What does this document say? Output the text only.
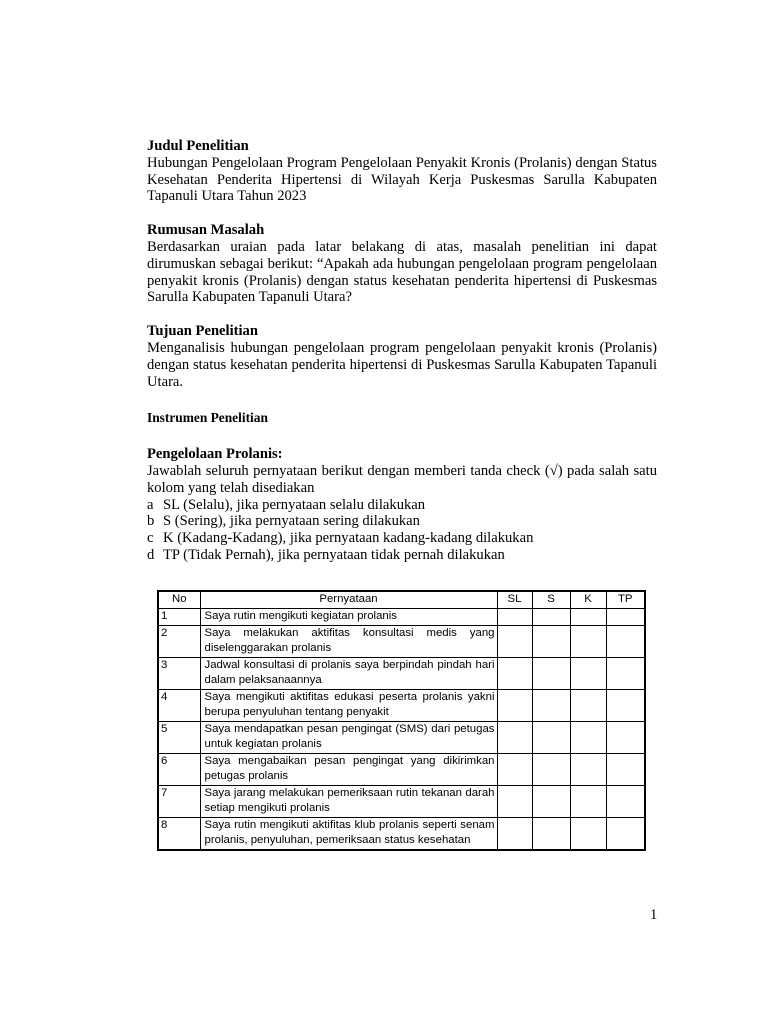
Judul Penelitian
Hubungan Pengelolaan Program Pengelolaan Penyakit Kronis (Prolanis) dengan Status Kesehatan Penderita Hipertensi di Wilayah Kerja Puskesmas Sarulla Kabupaten Tapanuli Utara Tahun 2023
Rumusan Masalah
Berdasarkan uraian pada latar belakang di atas, masalah penelitian ini dapat dirumuskan sebagai berikut: “Apakah ada hubungan pengelolaan program pengelolaan penyakit kronis (Prolanis) dengan status kesehatan penderita hipertensi di Puskesmas Sarulla Kabupaten Tapanuli Utara?
Tujuan Penelitian
Menganalisis hubungan pengelolaan program pengelolaan penyakit kronis (Prolanis) dengan status kesehatan penderita hipertensi di Puskesmas Sarulla Kabupaten Tapanuli Utara.
Instrumen Penelitian
Pengelolaan Prolanis:
Jawablah seluruh pernyataan berikut dengan memberi tanda check (√) pada salah satu kolom yang telah disediakan
a SL (Selalu), jika pernyataan selalu dilakukan
b S (Sering), jika pernyataan sering dilakukan
c K (Kadang-Kadang), jika pernyataan kadang-kadang dilakukan
d TP (Tidak Pernah), jika pernyataan tidak pernah dilakukan
No	Pernyataan	SL	S	K	TP
1	Saya rutin mengikuti kegiatan prolanis				
2	Saya melakukan aktifitas konsultasi medis yang diselenggarakan prolanis				
3	Jadwal konsultasi di prolanis saya berpindah pindah hari dalam pelaksanaannya				
4	Saya mengikuti aktifitas edukasi peserta prolanis yakni berupa penyuluhan tentang penyakit				
5	Saya mendapatkan pesan pengingat (SMS) dari petugas untuk kegiatan prolanis				
6	Saya mengabaikan pesan pengingat yang dikirimkan petugas prolanis				
7	Saya jarang melakukan pemeriksaan rutin tekanan darah setiap mengikuti prolanis				
8	Saya rutin mengikuti aktifitas klub prolanis seperti senam prolanis, penyuluhan, pemeriksaan status kesehatan				
1
